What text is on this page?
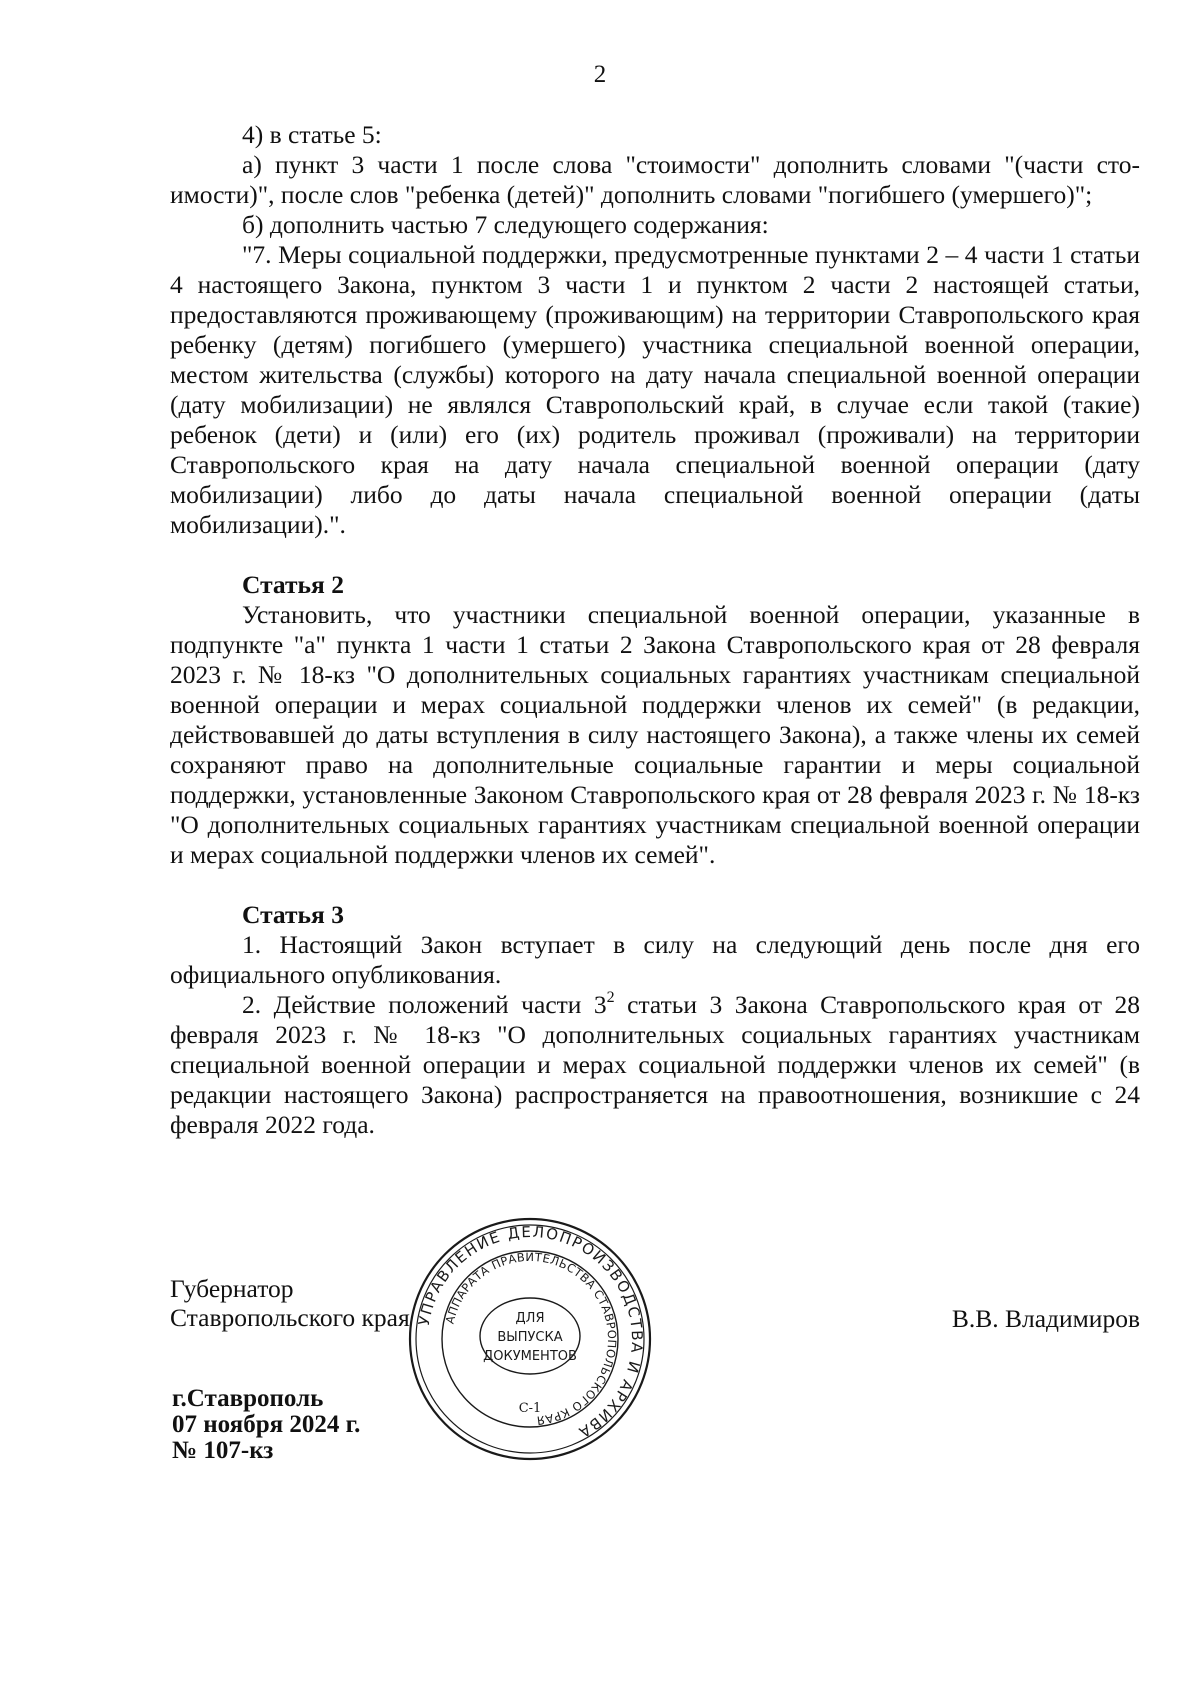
2

4) в статье 5:

а) пункт 3 части 1 после слова "стоимости" дополнить словами "(части стоимости)", после слов "ребенка (детей)" дополнить словами "погибшего (умершего)";

б) дополнить частью 7 следующего содержания:

"7. Меры социальной поддержки, предусмотренные пунктами 2 – 4 части 1 статьи 4 настоящего Закона, пунктом 3 части 1 и пунктом 2 части 2 настоящей статьи, предоставляются проживающему (проживающим) на территории Ставропольского края ребенку (детям) погибшего (умершего) участника специальной военной операции, местом жительства (службы) которого на дату начала специальной военной операции (дату мобилизации) не являлся Ставропольский край, в случае если такой (такие) ребенок (дети) и (или) его (их) родитель проживал (проживали) на территории Ставропольского края на дату начала специальной военной операции (дату мобилизации) либо до даты начала специальной военной операции (даты мобилизации).".

Статья 2

Установить, что участники специальной военной операции, указанные в подпункте "а" пункта 1 части 1 статьи 2 Закона Ставропольского края от 28 февраля 2023 г. № 18-кз "О дополнительных социальных гарантиях участникам специальной военной операции и мерах социальной поддержки членов их семей" (в редакции, действовавшей до даты вступления в силу настоящего Закона), а также члены их семей сохраняют право на дополнительные социальные гарантии и меры социальной поддержки, установленные Законом Ставропольского края от 28 февраля 2023 г. № 18-кз "О дополнительных социальных гарантиях участникам специальной военной операции и мерах социальной поддержки членов их семей".

Статья 3

1. Настоящий Закон вступает в силу на следующий день после дня его официального опубликования.

2. Действие положений части $3^2$ статьи 3 Закона Ставропольского края от 28 февраля 2023 г. № 18-кз "О дополнительных социальных гарантиях участникам специальной военной операции и мерах социальной поддержки членов их семей" (в редакции настоящего Закона) распространяется на правоотношения, возникшие с 24 февраля 2022 года.

Губернатор
Ставропольского края	В.В. Владимиров
г.Ставрополь
07 ноября 2024 г.
№ 107-кз
УПРАВЛЕНИЕ ДЕЛОПРОИЗВОДСТВА И АРХИВА
АППАРАТА ПРАВИТЕЛЬСТВА СТАВРОПОЛЬСКОГО КРАЯ
ДЛЯ
ВЫПУСКА
ДОКУМЕНТОВ
С-1
